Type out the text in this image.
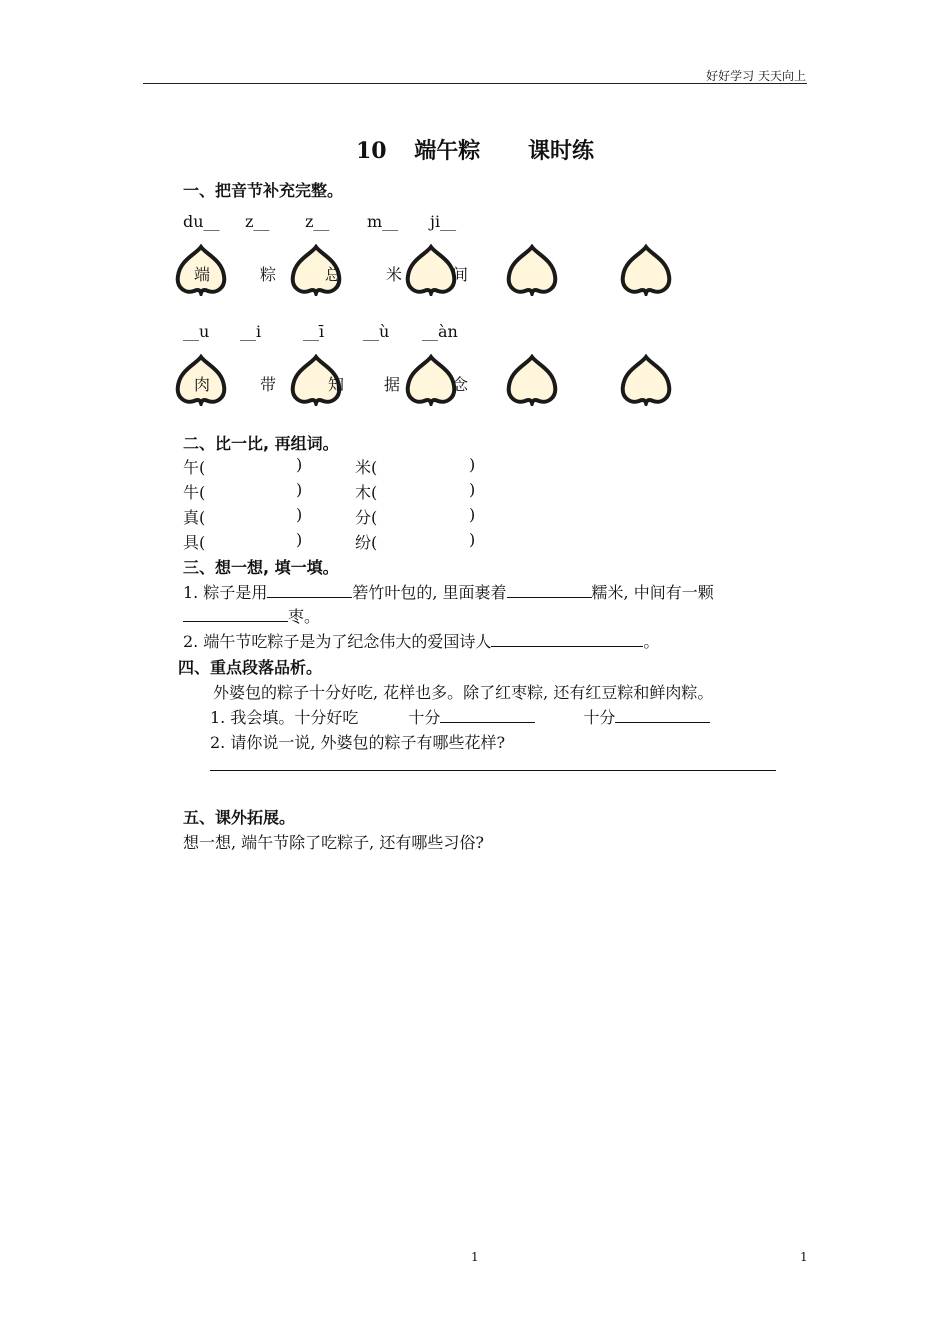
好好学习 天天向上
10 端午粽 课时练
一、把音节补充完整。
du__ z__ z__ m__ ji__
端	粽	总	米	间
__u __i	__ī __ù __àn
肉	带	知 据	念
二、比一比, 再组词。
午(	)	米(	)
牛(	)	木(	)
真(	)	分(	)
具(	)	纷(	)
三、想一想, 填一填。
1. 粽子是用	箬竹叶包的, 里面裹着	糯米, 中间有一颗
枣。
2. 端午节吃粽子是为了纪念伟大的爱国诗人	。
四、重点段落品析。
外婆包的粽子十分好吃, 花样也多。除了红枣粽, 还有红豆粽和鲜肉粽。
1. 我会填。十分好吃	十分	十分
2. 请你说一说, 外婆包的粽子有哪些花样?
五、课外拓展。
想一想, 端午节除了吃粽子, 还有哪些习俗?
1	1
